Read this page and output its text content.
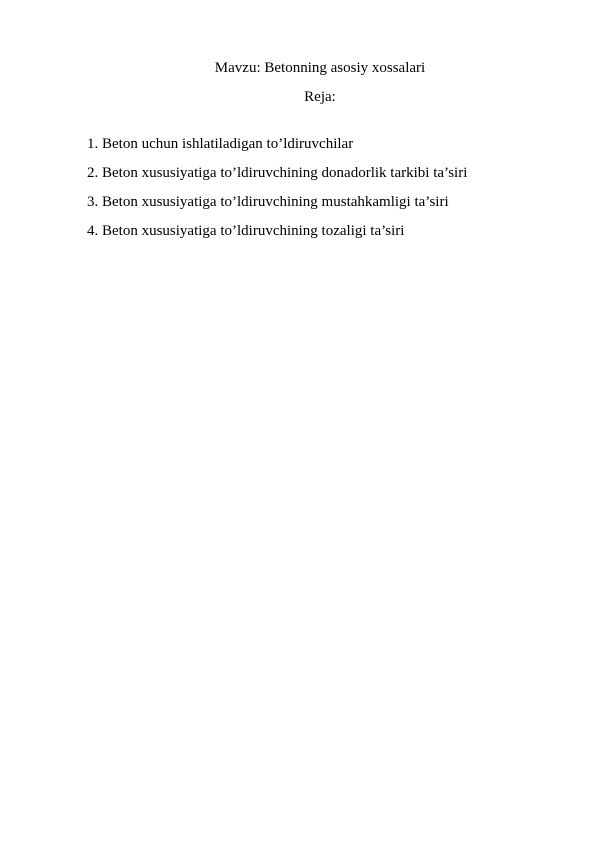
Mavzu: Betonning asosiy xossalari
Reja:
1. Beton uchun ishlatiladigan to’ldiruvchilar
2. Beton xususiyatiga to’ldiruvchining donadorlik tarkibi ta’siri
3. Beton xususiyatiga to’ldiruvchining mustahkamligi ta’siri
4. Beton xususiyatiga to’ldiruvchining tozaligi ta’siri
